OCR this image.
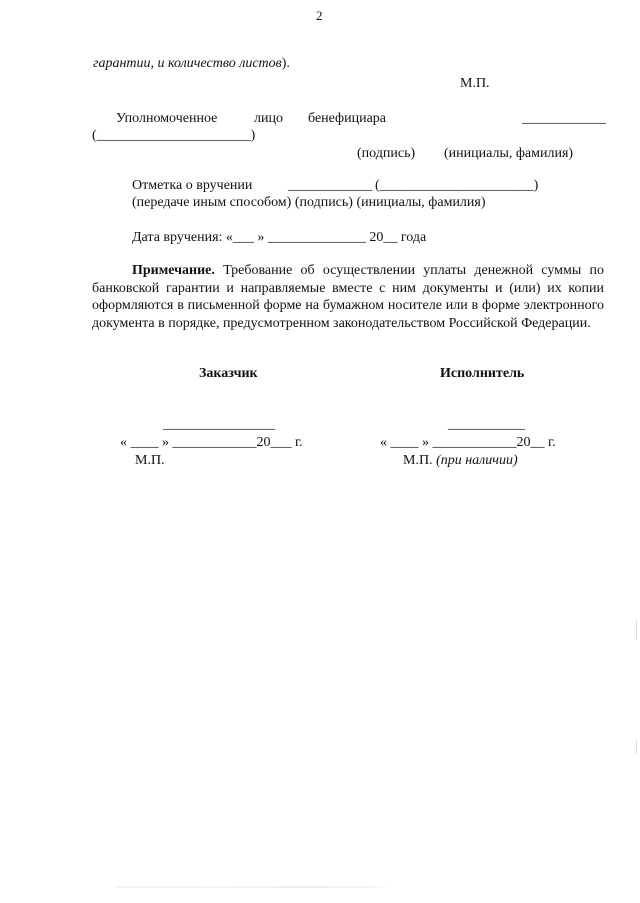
2
гарантии, и количество листов).
М.П.
Уполномоченное	лицо бенефициара	____________
(______________________)
(подпись) (инициалы, фамилия)
Отметка о вручении	____________ (______________________)
(передаче иным способом) (подпись) (инициалы, фамилия)
Дата вручения: «___ » ______________ 20__ года
Примечание. Требование об осуществлении уплаты денежной суммы по банковской гарантии и направляемые вместе с ним документы и (или) их копии оформляются в письменной форме на бумажном носителе или в форме электронного документа в порядке, предусмотренном законодательством Российской Федерации.
Заказчик	Исполнитель
________________	___________
« ____ » ____________20___ г.	« ____ » ____________20__ г.
М.П.	М.П. (при наличии)
